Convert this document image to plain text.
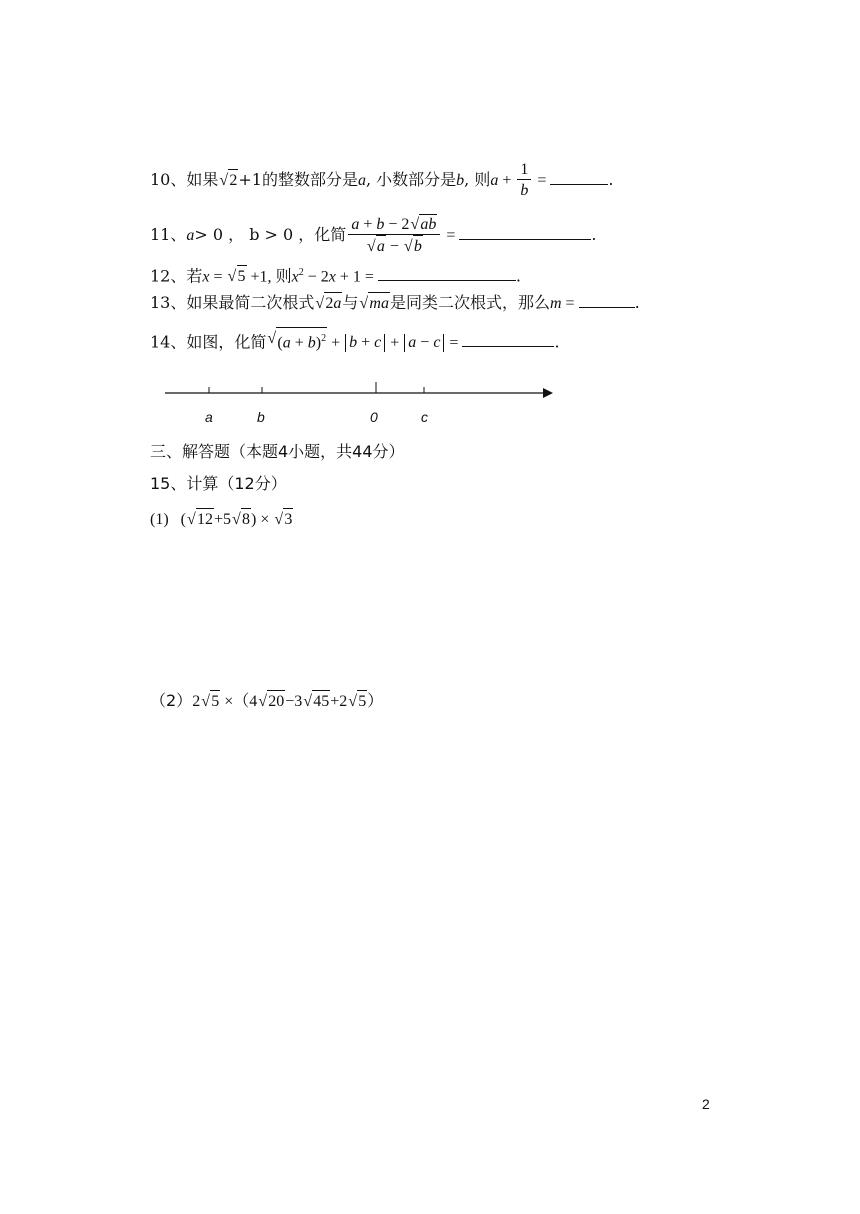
10、如果 √ 2+1的整数部分是a, 小数部分是b, 则$a + \frac{1}{b}$ =	.
11、a> 0 ， b > 0 ，化简 $\frac{a + b - 2 √ ab}{√ a - √ b}$ =	.
12、若x = √ 5 +1, 则$x^2 - 2x + 1$ =	.
13、如果最简二次根式 √ 2a与 √ ma是同类二次根式，那么m =	.
14、如图，化简 √ $(a + b)^2 + b + c + a - c$ =	.
a	b	0	c
三、解答题（本题4小题，共44分）
15、计算（12分）
(1)   ( √ 12+5 √ 8) × √ 3
（2）2 √ 5 ×（4 √ 20−3 √ 45+2 √ 5）
2
